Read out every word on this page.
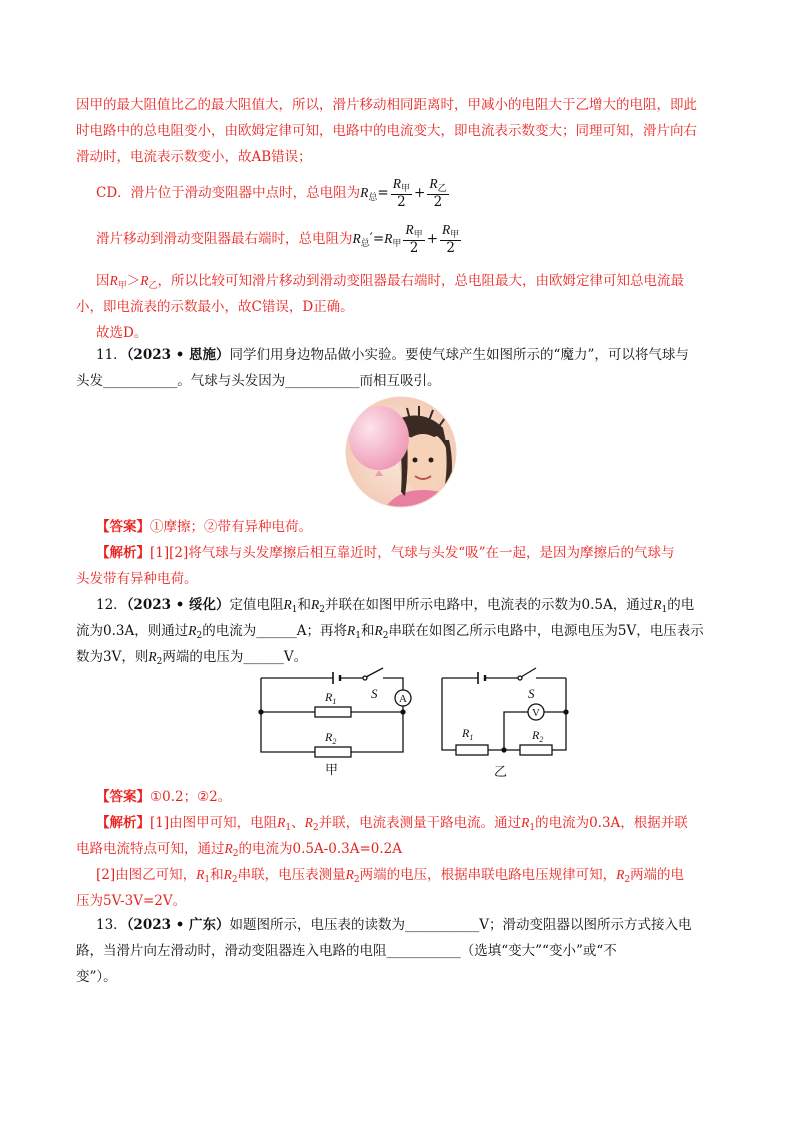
因甲的最大阻值比乙的最大阻值大，所以，滑片移动相同距离时，甲减小的电阻大于乙增大的电阻，即此
时电路中的总电阻变小，由欧姆定律可知，电路中的电流变大，即电流表示数变大；同理可知，滑片向右
滑动时，电流表示数变小，故AB错误；
CD．滑片位于滑动变阻器中点时，总电阻为$R_总= \frac{R_甲}{2} + \frac{R_乙}{2}$
滑片移动到滑动变阻器最右端时，总电阻为$R_总'=R_甲 \frac{R_甲}{2} + \frac{R_甲}{2}$
因$R_甲>R_乙$，所以比较可知滑片移动到滑动变阻器最右端时，总电阻最大，由欧姆定律可知总电流最
小，即电流表的示数最小，故C错误，D正确。
故选D。
11．（2023 • 恩施）同学们用身边物品做小实验。要使气球产生如图所示的“魔力”，可以将气球与
头发___________。气球与头发因为___________而相互吸引。
【答案】①摩擦；②带有异种电荷。
【解析】[1][2]将气球与头发摩擦后相互靠近时，气球与头发“吸”在一起，是因为摩擦后的气球与
头发带有异种电荷。
12．（2023 • 绥化）定值电阻$R_1$和$R_2$并联在如图甲所示电路中，电流表的示数为0.5A，通过$R_1$的电
流为0.3A，则通过$R_2$的电流为______A；再将$R_1$和$R_2$串联在如图乙所示电路中，电源电压为5V，电压表示
数为3V，则$R_2$两端的电压为______V。
S A
$R_1$
$R_2$
甲
S
V
$R_1$	$R_2$
乙
【答案】①0.2；②2。
【解析】[1]由图甲可知，电阻$R_1$、$R_2$并联，电流表测量干路电流。通过$R_1$的电流为0.3A，根据并联
电路电流特点可知，通过$R_2$的电流为0.5A-0.3A=0.2A
[2]由图乙可知，$R_1$和$R_2$串联，电压表测量$R_2$两端的电压，根据串联电路电压规律可知，$R_2$两端的电
压为5V-3V=2V。
13．（2023 • 广东）如题图所示，电压表的读数为___________V；滑动变阻器以图所示方式接入电
路，当滑片向左滑动时，滑动变阻器连入电路的电阻___________（选填“变大”“变小”或“不
变”）。
